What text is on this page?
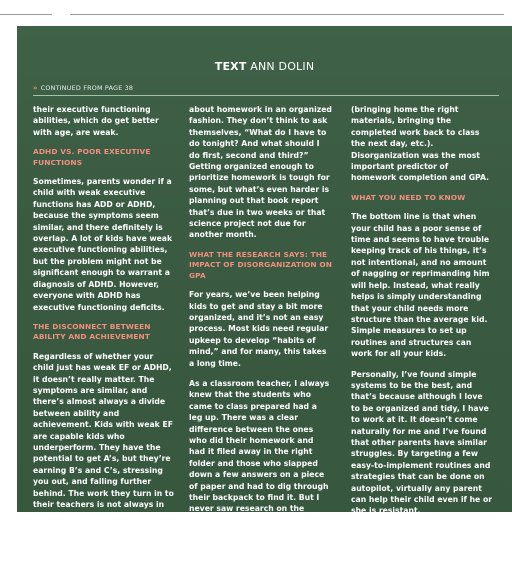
TEXT ANN DOLIN
» CONTINUED FROM PAGE 38

their executive functioning abilities, which do get better with age, are weak.

ADHD VS. POOR EXECUTIVE FUNCTIONS

Sometimes, parents wonder if a child with weak executive functions has ADD or ADHD, because the symptoms seem similar, and there definitely is overlap. A lot of kids have weak executive functioning abilities, but the problem might not be significant enough to warrant a diagnosis of ADHD. However, everyone with ADHD has executive functioning deficits.

THE DISCONNECT BETWEEN ABILITY AND ACHIEVEMENT

Regardless of whether your child just has weak EF or ADHD, it doesn’t really matter. The symptoms are similar, and there’s almost always a divide between ability and achievement. Kids with weak EF are capable kids who underperform. They have the potential to get A’s, but they’re earning B’s and C’s, stressing you out, and falling further behind. The work they turn in to their teachers is not always in line with their intelligence. We see this a lot in writing. Very verbal students

about homework in an organized fashion. They don’t think to ask themselves, “What do I have to do tonight? And what should I do first, second and third?” Getting organized enough to prioritize homework is tough for some, but what’s even harder is planning out that book report that’s due in two weeks or that science project not due for another month.

WHAT THE RESEARCH SAYS: THE IMPACT OF DISORGANIZATION ON GPA

For years, we’ve been helping kids to get and stay a bit more organized, and it’s not an easy process. Most kids need regular upkeep to develop “habits of mind,” and for many, this takes a long time.

As a classroom teacher, I always knew that the students who came to class prepared had a leg up. There was a clear difference between the ones who did their homework and had it filed away in the right folder and those who slapped down a few answers on a piece of paper and had to dig through their backpack to find it. But I never saw research on the impact of disorganization on homework completion. I just knew that my disorganized kids chronically underperformed, even if

(bringing home the right materials, bringing the completed work back to class the next day, etc.). Disorganization was the most important predictor of homework completion and GPA.

WHAT YOU NEED TO KNOW

The bottom line is that when your child has a poor sense of time and seems to have trouble keeping track of his things, it’s not intentional, and no amount of nagging or reprimanding him will help. Instead, what really helps is simply understanding that your child needs more structure than the average kid. Simple measures to set up routines and structures can work for all your kids.

Personally, I’ve found simple systems to be the best, and that’s because although I love to be organized and tidy, I have to work at it. It doesn’t come naturally for me and I’ve found that other parents have similar struggles. By targeting a few easy-to-implement routines and strategies that can be done on autopilot, virtually any parent can help their child even if he or she is resistant.

The key is choosing the right
